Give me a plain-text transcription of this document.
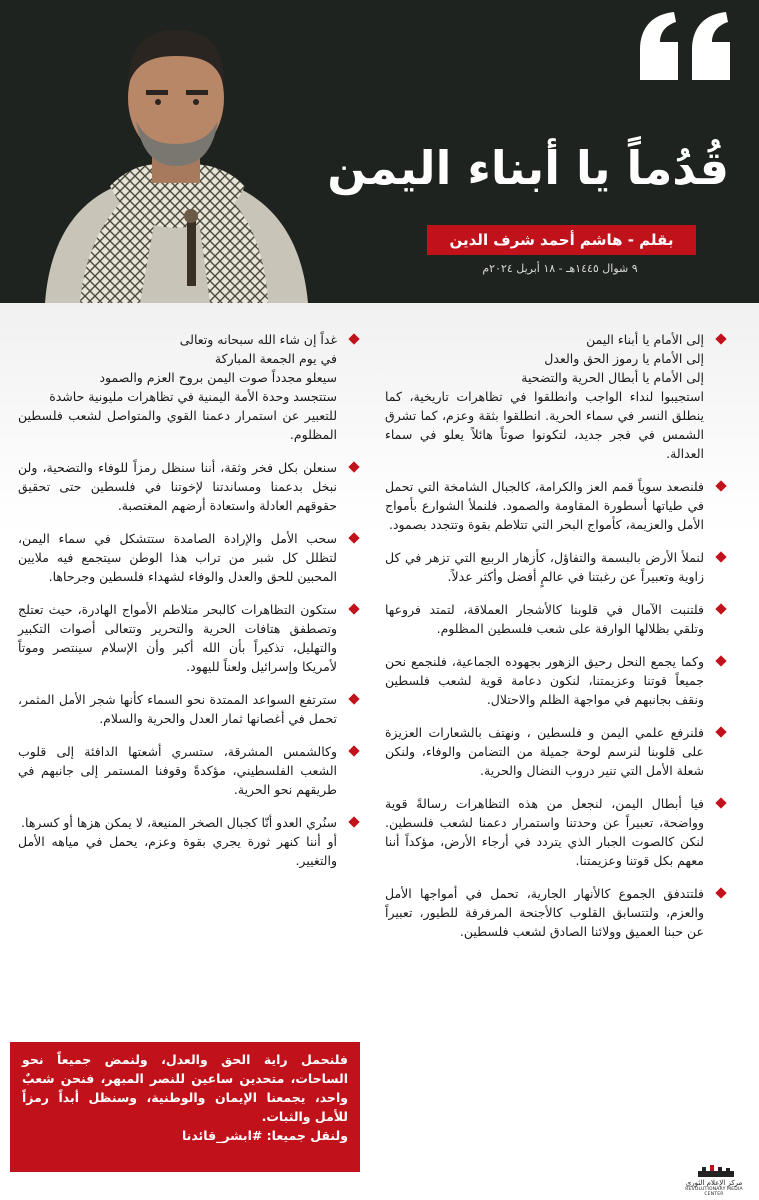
قُدُماً يا أبناء اليمن
بقلم - هاشم أحمد شرف الدين
٩ شوال ١٤٤٥هـ - ١٨ أبريل ٢٠٢٤م

إلى الأمام يا أبناء اليمن

إلى الأمام يا رموز الحق والعدل

إلى الأمام يا أبطال الحرية والتضحية

استجيبوا لنداء الواجب وانطلقوا في تظاهرات تاريخية، كما ينطلق النسر في سماء الحرية. انطلقوا بثقة وعزم، كما تشرق الشمس في فجر جديد، لتكونوا صوتاً هائلاً يعلو في سماء العدالة.

فلنصعد سوياً قمم العز والكرامة، كالجبال الشامخة التي تحمل في طياتها أسطورة المقاومة والصمود. فلنملأ الشوارع بأمواج الأمل والعزيمة، كأمواج البحر التي تتلاطم بقوة وتتجدد بصمود.

لنملأ الأرض بالبسمة والتفاؤل، كأزهار الربيع التي تزهر في كل زاوية وتعبيراً عن رغبتنا في عالمٍ أفضل وأكثر عدلاً.

فلتنبت الآمال في قلوبنا كالأشجار العملاقة، لتمتد فروعها وتلقي بظلالها الوارفة على شعب فلسطين المظلوم.

وكما يجمع النحل رحيق الزهور بجهوده الجماعية، فلنجمع نحن جميعاً قوتنا وعزيمتنا، لنكون دعامة قوية لشعب فلسطين ونقف بجانبهم في مواجهة الظلم والاحتلال.

فلنرفع علمي اليمن و فلسطين ، ونهتف بالشعارات العزيزة على قلوبنا لنرسم لوحة جميلة من التضامن والوفاء، ولنكن شعلة الأمل التي تنير دروب النضال والحرية.

فيا أبطال اليمن، لنجعل من هذه التظاهرات رسالةً قوية وواضحة، تعبيراً عن وحدتنا واستمرار دعمنا لشعب فلسطين. لنكن كالصوت الجبار الذي يتردد في أرجاء الأرض، مؤكداً أننا معهم بكل قوتنا وعزيمتنا.

فلتتدفق الجموع كالأنهار الجارية، تحمل في أمواجها الأمل والعزم، ولتتسابق القلوب كالأجنحة المرفرفة للطيور، تعبيراً عن حبنا العميق وولائنا الصادق لشعب فلسطين.

غداً إن شاء الله سبحانه وتعالى

في يوم الجمعة المباركة

سيعلو مجدداً صوت اليمن بروح العزم والصمود

ستتجسد وحدة الأمة اليمنية في تظاهرات مليونية حاشدة

للتعبير عن استمرار دعمنا القوي والمتواصل لشعب فلسطين المظلوم.

سنعلن بكل فخر وثقة، أننا سنظل رمزاً للوفاء والتضحية، ولن نبخل بدعمنا ومساندتنا لإخوتنا في فلسطين حتى تحقيق حقوقهم العادلة واستعادة أرضهم المغتصبة.

سحب الأمل والإرادة الصامدة ستتشكل في سماء اليمن، لتظلل كل شبر من تراب هذا الوطن سيتجمع فيه ملايين المحبين للحق والعدل والوفاء لشهداء فلسطين وجرحاها.

ستكون التظاهرات كالبحر متلاطم الأمواج الهادرة، حيث تعتلج وتصطفق هتافات الحرية والتحرير وتتعالى أصوات التكبير والتهليل، تذكيراً بأن الله أكبر وأن الإسلام سينتصر وموتاً لأمريكا وإسرائيل ولعناً لليهود.

سترتفع السواعد الممتدة نحو السماء كأنها شجر الأمل المثمر، تحمل في أغصانها ثمار العدل والحرية والسلام.

وكالشمس المشرقة، ستسري أشعتها الدافئة إلى قلوب الشعب الفلسطيني، مؤكدةً وقوفنا المستمر إلى جانبهم في طريقهم نحو الحرية.

سنُري العدو أنّا كجبال الصخر المنيعة، لا يمكن هزها أو كسرها.

أو أننا كنهر ثورة يجري بقوة وعزم، يحمل في مياهه الأمل والتغيير.

فلنحمل راية الحق والعدل، ولنمض جميعاً نحو الساحات، متحدين ساعين للنصر المبهر، فنحن شعبٌ واحد، يجمعنا الإيمان والوطنية، وسنظل أبداً رمزاً للأمل والثبات.

ولنقل جميعا: #ابشر_قائدنا

مركز الإعلام الثوري
REVOLUTIONARY MEDIA CENTER
